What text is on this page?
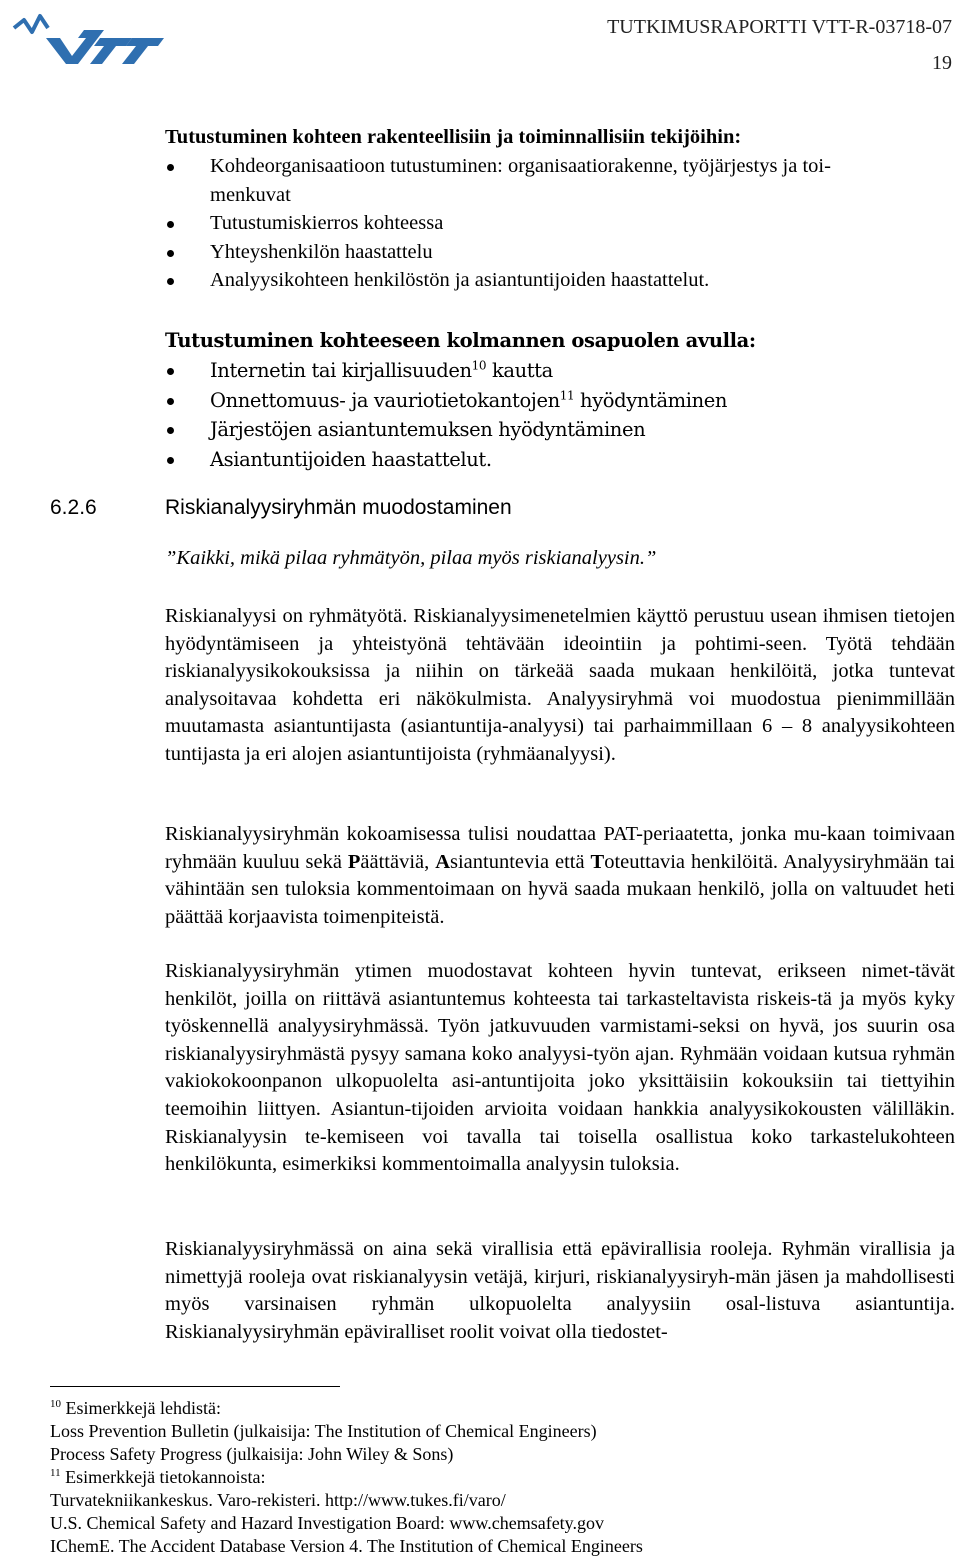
VTT
TUTKIMUSRAPORTTI VTT-R-03718-07
19

Tutustuminen kohteen rakenteellisiin ja toiminnallisiin tekijöihin:

Kohdeorganisaatioon tutustuminen: organisaatiorakenne, työjärjestys ja toi-
menkuvat
Tutustumiskierros kohteessa
Yhteyshenkilön haastattelu
Analyysikohteen henkilöstön ja asiantuntijoiden haastattelut.

Tutustuminen kohteeseen kolmannen osapuolen avulla:

Internetin tai kirjallisuuden$^{10}$ kautta
Onnettomuus- ja vauriotietokantojen$^{11}$ hyödyntäminen
Järjestöjen asiantuntemuksen hyödyntäminen
Asiantuntijoiden haastattelut.
6.2.6	Riskianalyysiryhmän muodostaminen
”Kaikki, mikä pilaa ryhmätyön, pilaa myös riskianalyysin.”

Riskianalyysi on ryhmätyötä. Riskianalyysimenetelmien käyttö perustuu usean ihmisen tietojen hyödyntämiseen ja yhteistyönä tehtävään ideointiin ja pohtimi-seen. Työtä tehdään riskianalyysikokouksissa ja niihin on tärkeää saada mukaan henkilöitä, jotka tuntevat analysoitavaa kohdetta eri näkökulmista. Analyysiryhmä voi muodostua pienimmillään muutamasta asiantuntijasta (asiantuntija-analyysi) tai parhaimmillaan 6 – 8 analyysikohteen tuntijasta ja eri alojen asiantuntijoista (ryhmäanalyysi).

Riskianalyysiryhmän kokoamisessa tulisi noudattaa PAT-periaatetta, jonka mu-kaan toimivaan ryhmään kuuluu sekä Päättäviä, Asiantuntevia että Toteuttavia henkilöitä. Analyysiryhmään tai vähintään sen tuloksia kommentoimaan on hyvä saada mukaan henkilö, jolla on valtuudet heti päättää korjaavista toimenpiteistä.

Riskianalyysiryhmän ytimen muodostavat kohteen hyvin tuntevat, erikseen nimet-tävät henkilöt, joilla on riittävä asiantuntemus kohteesta tai tarkasteltavista riskeis-tä ja myös kyky työskennellä analyysiryhmässä. Työn jatkuvuuden varmistami-seksi on hyvä, jos suurin osa riskianalyysiryhmästä pysyy samana koko analyysi-työn ajan. Ryhmään voidaan kutsua ryhmän vakiokokoonpanon ulkopuolelta asi-antuntijoita joko yksittäisiin kokouksiin tai tiettyihin teemoihin liittyen. Asiantun-tijoiden arvioita voidaan hankkia analyysikokousten välilläkin. Riskianalyysin te-kemiseen voi tavalla tai toisella osallistua koko tarkastelukohteen henkilökunta, esimerkiksi kommentoimalla analyysin tuloksia.

Riskianalyysiryhmässä on aina sekä virallisia että epävirallisia rooleja. Ryhmän virallisia ja nimettyjä rooleja ovat riskianalyysin vetäjä, kirjuri, riskianalyysiryh-män jäsen ja mahdollisesti myös varsinaisen ryhmän ulkopuolelta analyysiin osal-listuva asiantuntija. Riskianalyysiryhmän epäviralliset roolit voivat olla tiedostet-

$^{10}$ Esimerkkejä lehdistä:
Loss Prevention Bulletin (julkaisija: The Institution of Chemical Engineers)
Process Safety Progress (julkaisija: John Wiley & Sons)
$^{11}$ Esimerkkejä tietokannoista:
Turvatekniikankeskus. Varo-rekisteri. http://www.tukes.fi/varo/
U.S. Chemical Safety and Hazard Investigation Board: www.chemsafety.gov
IChemE. The Accident Database Version 4. The Institution of Chemical Engineers
